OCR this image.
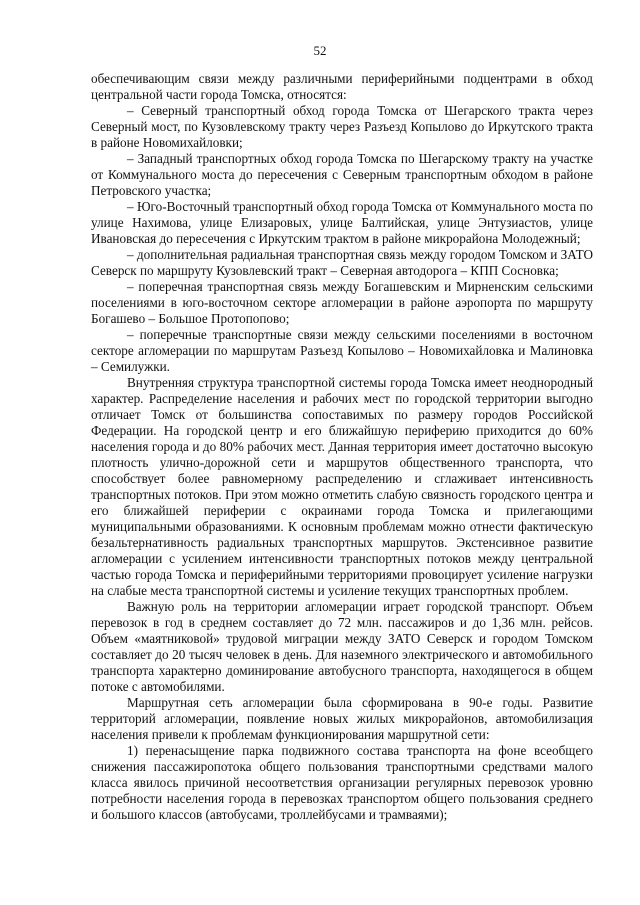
52

обеспечивающим связи между различными периферийными подцентрами в обход центральной части города Томска, относятся:

– Северный транспортный обход города Томска от Шегарского тракта через Северный мост, по Кузовлевскому тракту через Разъезд Копылово до Иркутского тракта в районе Новомихайловки;

– Западный транспортных обход города Томска по Шегарскому тракту на участке от Коммунального моста до пересечения с Северным транспортным обходом в районе Петровского участка;

– Юго-Восточный транспортный обход города Томска от Коммунального моста по улице Нахимова, улице Елизаровых, улице Балтийская, улице Энтузиастов, улице Ивановская до пересечения с Иркутским трактом в районе микрорайона Молодежный;

– дополнительная радиальная транспортная связь между городом Томском и ЗАТО Северск по маршруту Кузовлевский тракт – Северная автодорога – КПП Сосновка;

– поперечная транспортная связь между Богашевским и Мирненским сельскими поселениями в юго-восточном секторе агломерации в районе аэропорта по маршруту Богашево – Большое Протопопово;

– поперечные транспортные связи между сельскими поселениями в восточном секторе агломерации по маршрутам Разъезд Копылово – Новомихайловка и Малиновка – Семилужки.

Внутренняя структура транспортной системы города Томска имеет неоднородный характер. Распределение населения и рабочих мест по городской территории выгодно отличает Томск от большинства сопоставимых по размеру городов Российской Федерации. На городской центр и его ближайшую периферию приходится до 60% населения города и до 80% рабочих мест. Данная территория имеет достаточно высокую плотность улично-дорожной сети и маршрутов общественного транспорта, что способствует более равномерному распределению и сглаживает интенсивность транспортных потоков. При этом можно отметить слабую связность городского центра и его ближайшей периферии с окраинами города Томска и прилегающими муниципальными образованиями. К основным проблемам можно отнести фактическую безальтернативность радиальных транспортных маршрутов. Экстенсивное развитие агломерации с усилением интенсивности транспортных потоков между центральной частью города Томска и периферийными территориями провоцирует усиление нагрузки на слабые места транспортной системы и усиление текущих транспортных проблем.

Важную роль на территории агломерации играет городской транспорт. Объем перевозок в год в среднем составляет до 72 млн. пассажиров и до 1,36 млн. рейсов. Объем «маятниковой» трудовой миграции между ЗАТО Северск и городом Томском составляет до 20 тысяч человек в день. Для наземного электрического и автомобильного транспорта характерно доминирование автобусного транспорта, находящегося в общем потоке с автомобилями.

Маршрутная сеть агломерации была сформирована в 90-е годы. Развитие территорий агломерации, появление новых жилых микрорайонов, автомобилизация населения привели к проблемам функционирования маршрутной сети:

1) перенасыщение парка подвижного состава транспорта на фоне всеобщего снижения пассажиропотока общего пользования транспортными средствами малого класса явилось причиной несоответствия организации регулярных перевозок уровню потребности населения города в перевозках транспортом общего пользования среднего и большого классов (автобусами, троллейбусами и трамваями);
